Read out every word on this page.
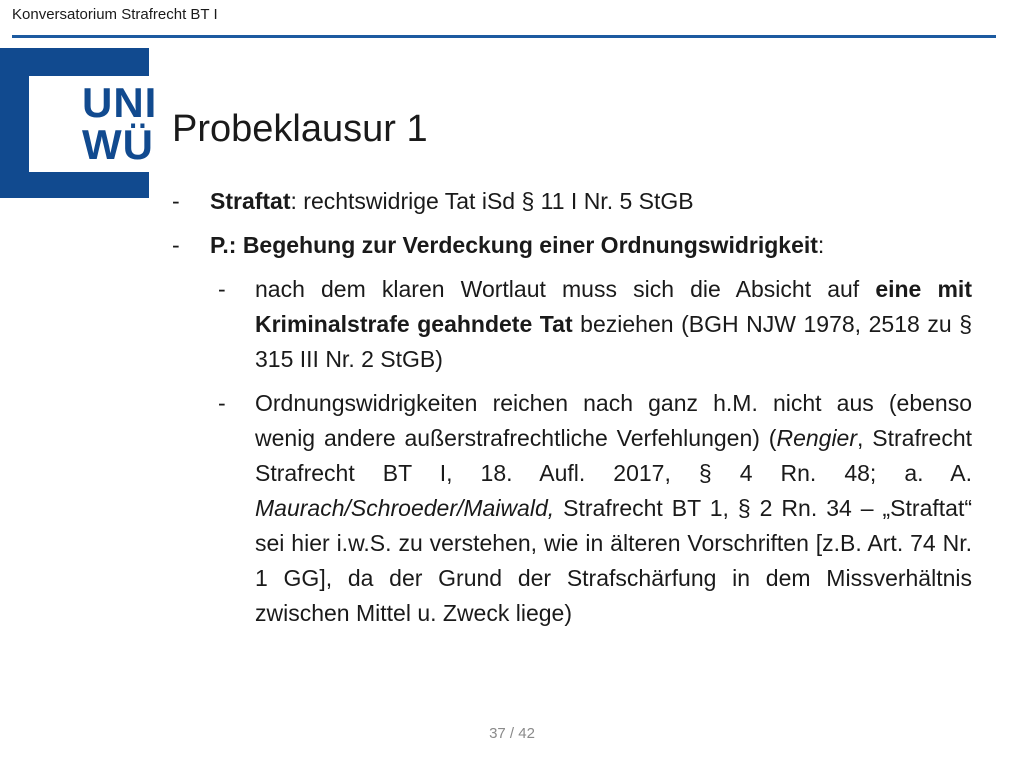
Konversatorium Strafrecht BT I
UNI
WÜ Probeklausur 1
-	Straftat: rechtswidrige Tat iSd § 11 I Nr. 5 StGB
-	P.: Begehung zur Verdeckung einer Ordnungswidrigkeit:
-	nach dem klaren Wortlaut muss sich die Absicht auf eine mit Kriminalstrafe geahndete Tat beziehen (BGH NJW 1978, 2518 zu § 315 III Nr. 2 StGB)
-	Ordnungswidrigkeiten reichen nach ganz h.M. nicht aus (ebenso wenig andere außerstrafrechtliche Verfehlungen) (Rengier, Strafrecht Strafrecht BT I, 18. Aufl. 2017, § 4 Rn. 48; a. A. Maurach/Schroeder/Maiwald, Strafrecht BT 1, § 2 Rn. 34 – „Straftat“ sei hier i.w.S. zu verstehen, wie in älteren Vorschriften [z.B. Art. 74 Nr. 1 GG], da der Grund der Strafschärfung in dem Missverhältnis zwischen Mittel u. Zweck liege)
37 / 42
